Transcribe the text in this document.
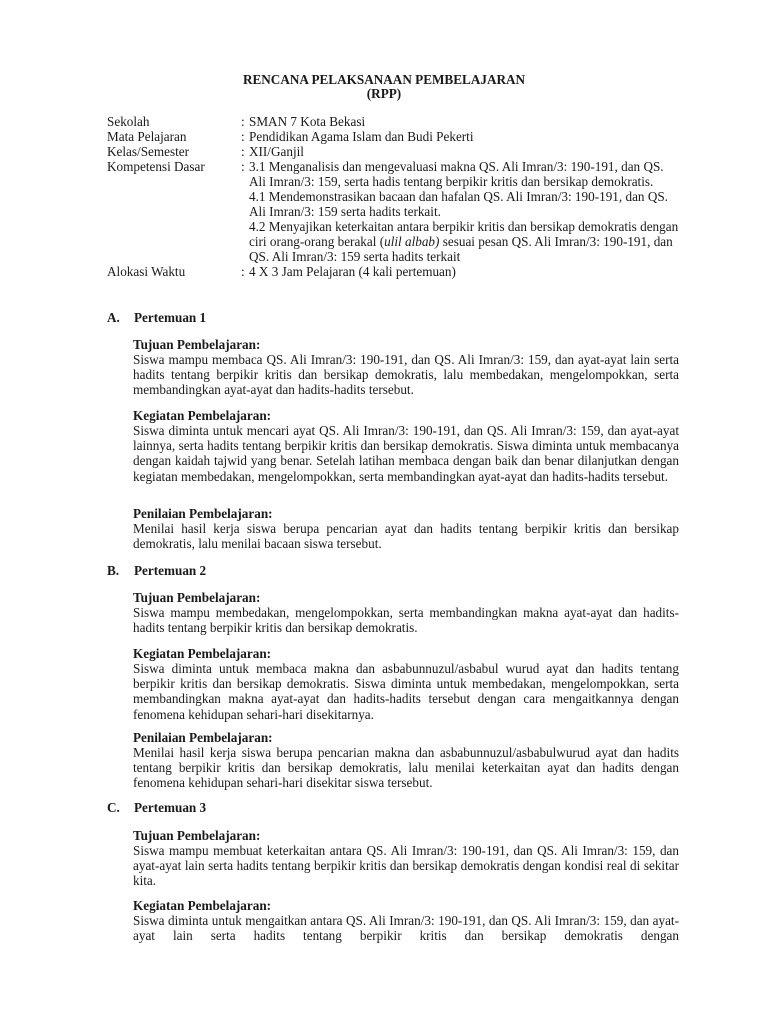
RENCANA PELAKSANAAN PEMBELAJARAN
(RPP)
Sekolah	: SMAN 7 Kota Bekasi
Mata Pelajaran	: Pendidikan Agama Islam dan Budi Pekerti
Kelas/Semester	: XII/Ganjil
Kompetensi Dasar	: 3.1 Menganalisis dan mengevaluasi makna QS. Ali Imran/3: 190-191, dan QS. Ali Imran/3: 159, serta hadis tentang berpikir kritis dan bersikap demokratis.
4.1 Mendemonstrasikan bacaan dan hafalan QS. Ali Imran/3: 190-191, dan QS. Ali Imran/3: 159 serta hadits terkait.
4.2 Menyajikan keterkaitan antara berpikir kritis dan bersikap demokratis dengan ciri orang-orang berakal (ulil albab) sesuai pesan QS. Ali Imran/3: 190-191, dan QS. Ali Imran/3: 159 serta hadits terkait
Alokasi Waktu	: 4 X 3 Jam Pelajaran (4 kali pertemuan)
A.	Pertemuan 1
Tujuan Pembelajaran:
Siswa mampu membaca QS. Ali Imran/3: 190-191, dan QS. Ali Imran/3: 159, dan ayat-ayat lain serta hadits tentang berpikir kritis dan bersikap demokratis, lalu membedakan, mengelompokkan, serta membandingkan ayat-ayat dan hadits-hadits tersebut.
Kegiatan Pembelajaran:
Siswa diminta untuk mencari ayat QS. Ali Imran/3: 190-191, dan QS. Ali Imran/3: 159, dan ayat-ayat lainnya, serta hadits tentang berpikir kritis dan bersikap demokratis. Siswa diminta untuk membacanya dengan kaidah tajwid yang benar. Setelah latihan membaca dengan baik dan benar dilanjutkan dengan kegiatan membedakan, mengelompokkan, serta membandingkan ayat-ayat dan hadits-hadits tersebut.
Penilaian Pembelajaran:
Menilai hasil kerja siswa berupa pencarian ayat dan hadits tentang berpikir kritis dan bersikap demokratis, lalu menilai bacaan siswa tersebut.
B.	Pertemuan 2
Tujuan Pembelajaran:
Siswa mampu membedakan, mengelompokkan, serta membandingkan makna ayat-ayat dan hadits-hadits tentang berpikir kritis dan bersikap demokratis.
Kegiatan Pembelajaran:
Siswa diminta untuk membaca makna dan asbabunnuzul/asbabul wurud ayat dan hadits tentang berpikir kritis dan bersikap demokratis. Siswa diminta untuk membedakan, mengelompokkan, serta membandingkan makna ayat-ayat dan hadits-hadits tersebut dengan cara mengaitkannya dengan fenomena kehidupan sehari-hari disekitarnya.
Penilaian Pembelajaran:
Menilai hasil kerja siswa berupa pencarian makna dan asbabunnuzul/asbabulwurud ayat dan hadits tentang berpikir kritis dan bersikap demokratis, lalu menilai keterkaitan ayat dan hadits dengan fenomena kehidupan sehari-hari disekitar siswa tersebut.
C.	Pertemuan 3
Tujuan Pembelajaran:
Siswa mampu membuat keterkaitan antara QS. Ali Imran/3: 190-191, dan QS. Ali Imran/3: 159, dan ayat-ayat lain serta hadits tentang berpikir kritis dan bersikap demokratis dengan kondisi real di sekitar kita.
Kegiatan Pembelajaran:
Siswa diminta untuk mengaitkan antara QS. Ali Imran/3: 190-191, dan QS. Ali Imran/3: 159, dan ayat-ayat lain serta hadits tentang berpikir kritis dan bersikap demokratis dengan
